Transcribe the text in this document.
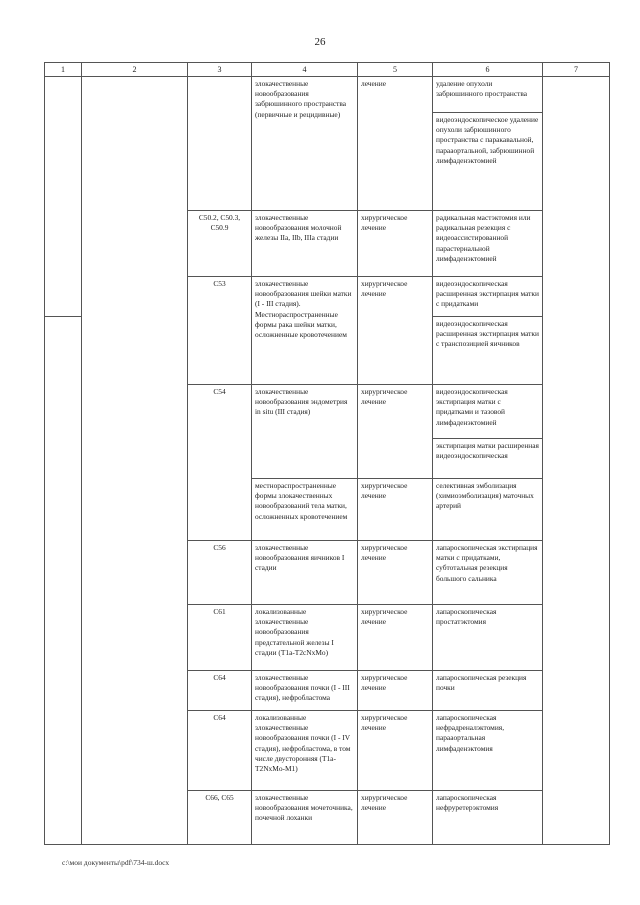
26
1	2	3	4	5	6	7
			злокачественные новообразования забрюшинного пространства (первичные и рецидивные)	лечение	удаление опухоли забрюшинного пространства	
					видеоэндоскопическое удаление опухоли забрюшинного пространства с паракавальной, парааортальной, забрюшинной лимфаденэктомией	
		C50.2, C50.3, C50.9	злокачественные новообразования молочной железы IIa, IIb, IIIa стадии	хирургическое лечение	радикальная мастэктомия или радикальная резекция с видеоассистированной парастернальной лимфаденэктомией	
		C53	злокачественные новообразования шейки матки (I - III стадия). Местнораспространенные формы рака шейки матки, осложненные кровотечением	хирургическое лечение	видеоэндоскопическая расширенная экстирпация матки с придатками	
					видеоэндоскопическая расширенная экстирпация матки с транспозицией яичников	
		C54	злокачественные новообразования эндометрия in situ (III стадия)	хирургическое лечение	видеоэндоскопическая экстирпация матки с придатками и тазовой лимфаденэктомией	
					экстирпация матки расширенная видеоэндоскопическая	
			местнораспространенные формы злокачественных новообразований тела матки, осложненных кровотечением	хирургическое лечение	селективная эмболизация (химиоэмболизация) маточных артерий	
		C56	злокачественные новообразования яичников I стадии	хирургическое лечение	лапароскопическая экстирпация матки с придатками, субтотальная резекция большого сальника	
		C61	локализованные злокачественные новообразования предстательной железы I стадии (T1a-T2cNxMo)	хирургическое лечение	лапароскопическая простатэктомия	
		C64	злокачественные новообразования почки (I - III стадия), нефробластома	хирургическое лечение	лапароскопическая резекция почки	
		C64	локализованные злокачественные новообразования почки (I - IV стадия), нефробластома, в том числе двусторонняя (T1a-T2NxMo-M1)	хирургическое лечение	лапароскопическая нефрадреналэктомия, парааортальная лимфаденэктомия	
		C66, C65	злокачественные новообразования мочеточника, почечной лоханки	хирургическое лечение	лапароскопическая нефруретерэктомия	
c:\мои документы\pdf\734-ш.docx
